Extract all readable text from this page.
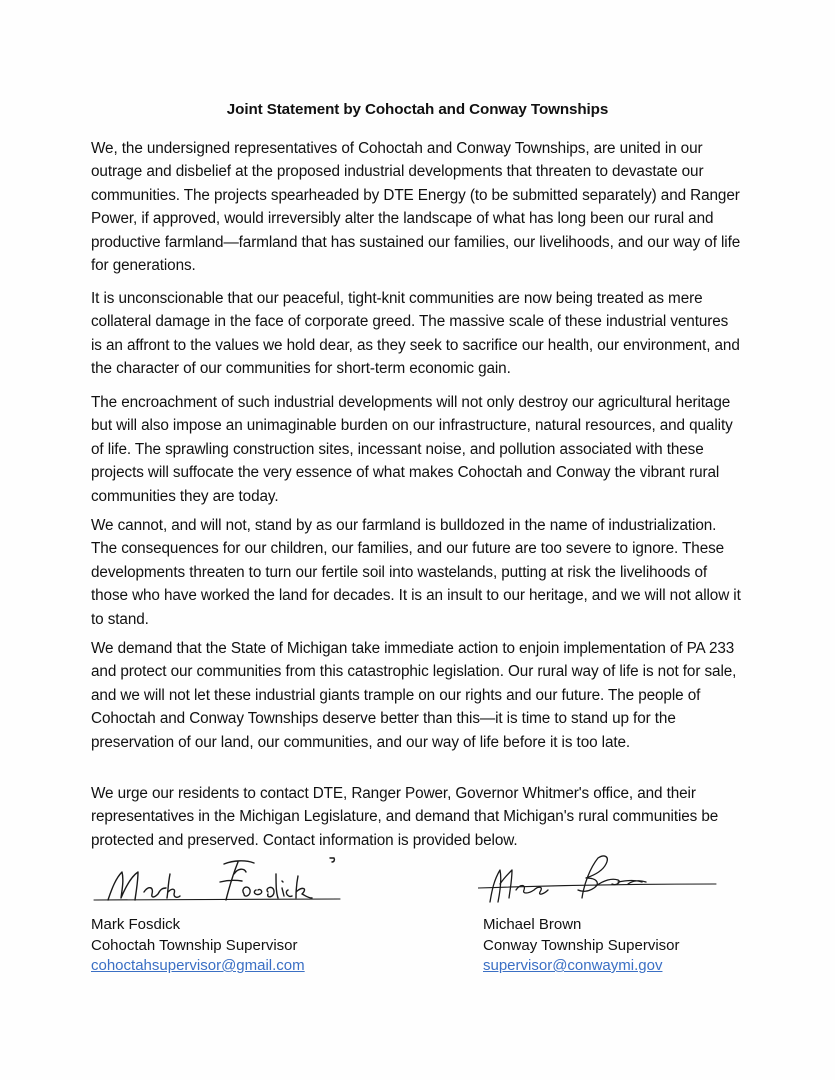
Joint Statement by Cohoctah and Conway Townships

We, the undersigned representatives of Cohoctah and Conway Townships, are united in our outrage and disbelief at the proposed industrial developments that threaten to devastate our communities. The projects spearheaded by DTE Energy (to be submitted separately) and Ranger Power, if approved, would irreversibly alter the landscape of what has long been our rural and productive farmland—farmland that has sustained our families, our livelihoods, and our way of life for generations.

It is unconscionable that our peaceful, tight-knit communities are now being treated as mere collateral damage in the face of corporate greed. The massive scale of these industrial ventures is an affront to the values we hold dear, as they seek to sacrifice our health, our environment, and the character of our communities for short-term economic gain.

The encroachment of such industrial developments will not only destroy our agricultural heritage but will also impose an unimaginable burden on our infrastructure, natural resources, and quality of life. The sprawling construction sites, incessant noise, and pollution associated with these projects will suffocate the very essence of what makes Cohoctah and Conway the vibrant rural communities they are today.

We cannot, and will not, stand by as our farmland is bulldozed in the name of industrialization. The consequences for our children, our families, and our future are too severe to ignore. These developments threaten to turn our fertile soil into wastelands, putting at risk the livelihoods of those who have worked the land for decades. It is an insult to our heritage, and we will not allow it to stand.

We demand that the State of Michigan take immediate action to enjoin implementation of PA 233 and protect our communities from this catastrophic legislation. Our rural way of life is not for sale, and we will not let these industrial giants trample on our rights and our future. The people of Cohoctah and Conway Townships deserve better than this—it is time to stand up for the preservation of our land, our communities, and our way of life before it is too late.

We urge our residents to contact DTE, Ranger Power, Governor Whitmer's office, and their representatives in the Michigan Legislature, and demand that Michigan's rural communities be protected and preserved. Contact information is provided below.

Mark Fosdick
Cohoctah Township Supervisor
cohoctahsupervisor@gmail.com
Michael Brown
Conway Township Supervisor
supervisor@conwaymi.gov
